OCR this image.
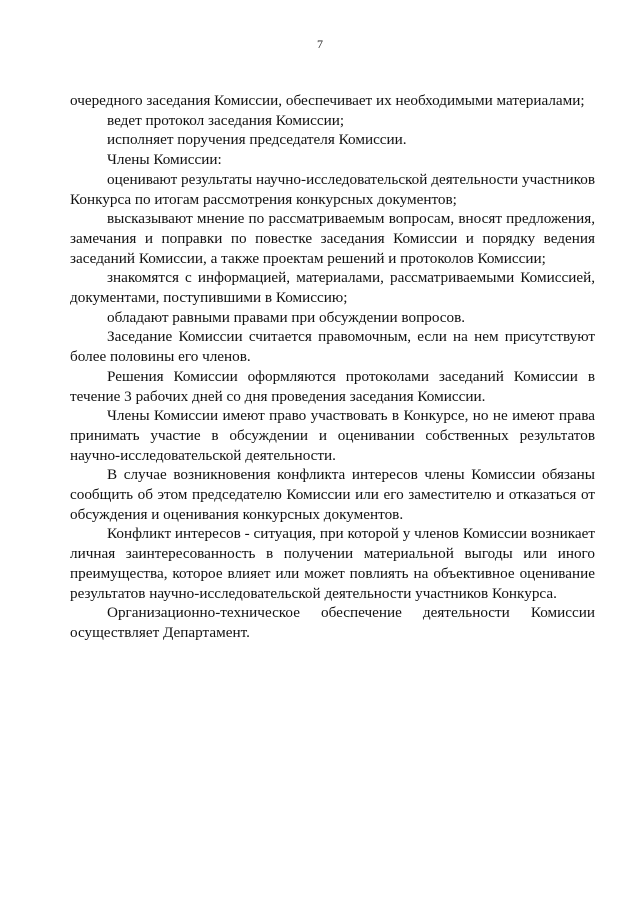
7

очередного заседания Комиссии, обеспечивает их необходимыми материалами;

ведет протокол заседания Комиссии;

исполняет поручения председателя Комиссии.

Члены Комиссии:

оценивают результаты научно-исследовательской деятельности участников Конкурса по итогам рассмотрения конкурсных документов;

высказывают мнение по рассматриваемым вопросам, вносят предложения, замечания и поправки по повестке заседания Комиссии и порядку ведения заседаний Комиссии, а также проектам решений и протоколов Комиссии;

знакомятся с информацией, материалами, рассматриваемыми Комиссией, документами, поступившими в Комиссию;

обладают равными правами при обсуждении вопросов.

Заседание Комиссии считается правомочным, если на нем присутствуют более половины его членов.

Решения Комиссии оформляются протоколами заседаний Комиссии в течение 3 рабочих дней со дня проведения заседания Комиссии.

Члены Комиссии имеют право участвовать в Конкурсе, но не имеют права принимать участие в обсуждении и оценивании собственных результатов научно-исследовательской деятельности.

В случае возникновения конфликта интересов члены Комиссии обязаны сообщить об этом председателю Комиссии или его заместителю и отказаться от обсуждения и оценивания конкурсных документов.

Конфликт интересов - ситуация, при которой у членов Комиссии возникает личная заинтересованность в получении материальной выгоды или иного преимущества, которое влияет или может повлиять на объективное оценивание результатов научно-исследовательской деятельности участников Конкурса.

Организационно-техническое обеспечение деятельности Комиссии осуществляет Департамент.
